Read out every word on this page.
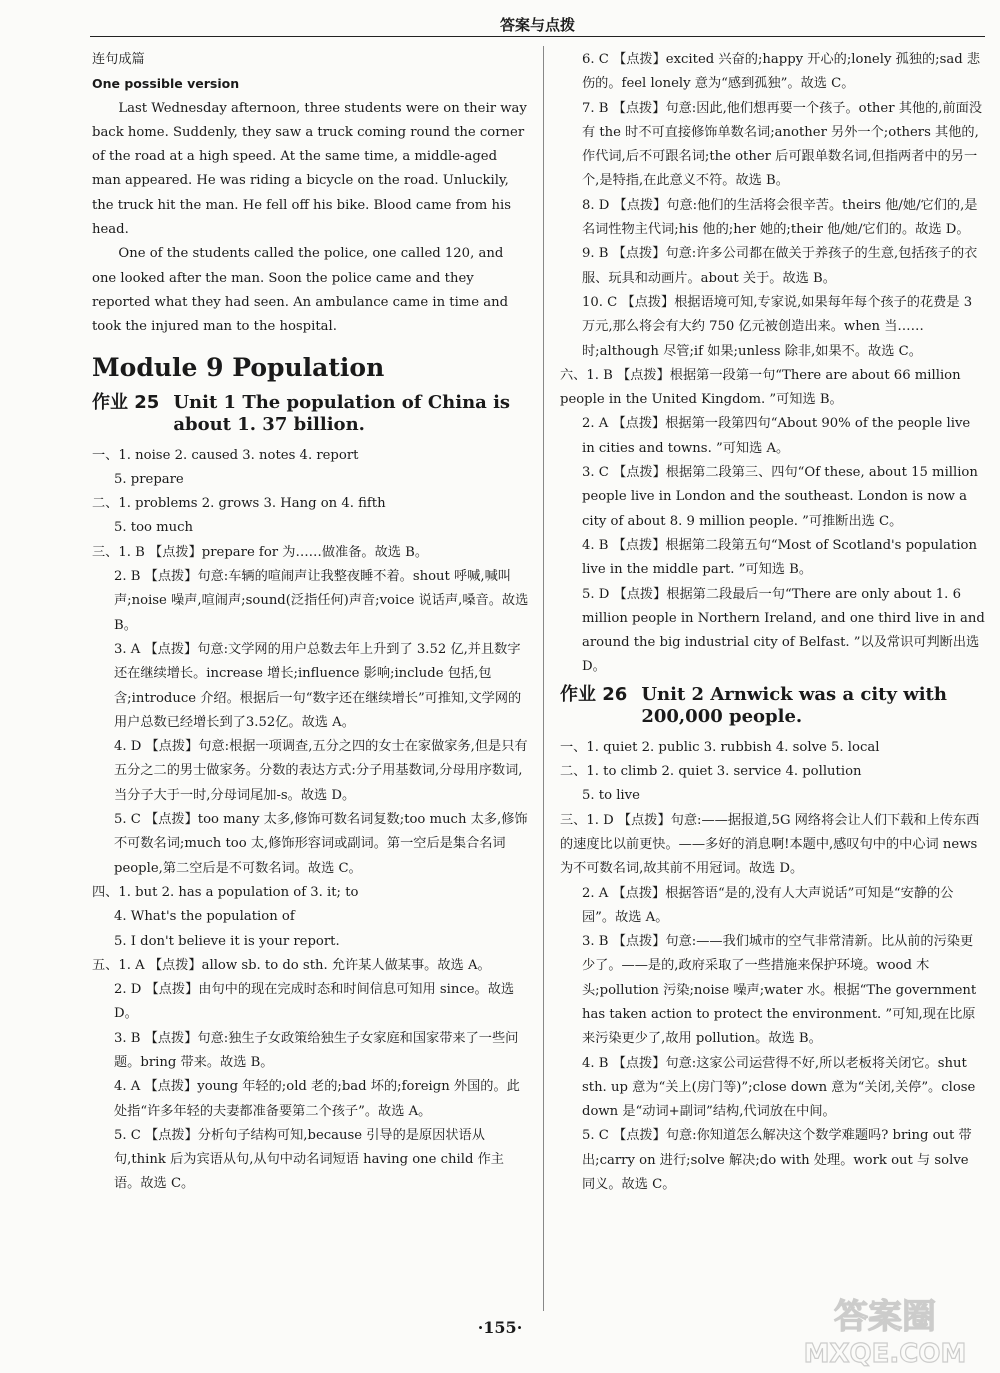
答案与点拨

连句成篇

One possible version

Last Wednesday afternoon, three students were on their way back home. Suddenly, they saw a truck coming round the corner of the road at a high speed. At the same time, a middle-aged man appeared. He was riding a bicycle on the road. Unluckily, the truck hit the man. He fell off his bike. Blood came from his head.

One of the students called the police, one called 120, and one looked after the man. Soon the police came and they reported what they had seen. An ambulance came in time and took the injured man to the hospital.

Module 9 Population
作业 25 Unit 1 The population of China is about 1. 37 billion.

一、1. noise 2. caused 3. notes 4. report

5. prepare

二、1. problems 2. grows 3. Hang on 4. fifth

5. too much

三、1. B 【点拨】prepare for 为……做准备。故选 B。

2. B 【点拨】句意:车辆的喧闹声让我整夜睡不着。shout 呼喊,喊叫声;noise 噪声,喧闹声;sound(泛指任何)声音;voice 说话声,嗓音。故选 B。

3. A 【点拨】句意:文学网的用户总数去年上升到了 3.52 亿,并且数字还在继续增长。increase 增长;influence 影响;include 包括,包含;introduce 介绍。根据后一句“数字还在继续增长”可推知,文学网的用户总数已经增长到了3.52亿。故选 A。

4. D 【点拨】句意:根据一项调查,五分之四的女士在家做家务,但是只有五分之二的男士做家务。分数的表达方式:分子用基数词,分母用序数词,当分子大于一时,分母词尾加-s。故选 D。

5. C 【点拨】too many 太多,修饰可数名词复数;too much 太多,修饰不可数名词;much too 太,修饰形容词或副词。第一空后是集合名词 people,第二空后是不可数名词。故选 C。

四、1. but 2. has a population of 3. it; to

4. What's the population of

5. I don't believe it is your report.

五、1. A 【点拨】allow sb. to do sth. 允许某人做某事。故选 A。

2. D 【点拨】由句中的现在完成时态和时间信息可知用 since。故选 D。

3. B 【点拨】句意:独生子女政策给独生子女家庭和国家带来了一些问题。bring 带来。故选 B。

4. A 【点拨】young 年轻的;old 老的;bad 坏的;foreign 外国的。此处指“许多年轻的夫妻都准备要第二个孩子”。故选 A。

5. C 【点拨】分析句子结构可知,because 引导的是原因状语从句,think 后为宾语从句,从句中动名词短语 having one child 作主语。故选 C。

6. C 【点拨】excited 兴奋的;happy 开心的;lonely 孤独的;sad 悲伤的。feel lonely 意为“感到孤独”。故选 C。

7. B 【点拨】句意:因此,他们想再要一个孩子。other 其他的,前面没有 the 时不可直接修饰单数名词;another 另外一个;others 其他的,作代词,后不可跟名词;the other 后可跟单数名词,但指两者中的另一个,是特指,在此意义不符。故选 B。

8. D 【点拨】句意:他们的生活将会很辛苦。theirs 他/她/它们的,是名词性物主代词;his 他的;her 她的;their 他/她/它们的。故选 D。

9. B 【点拨】句意:许多公司都在做关于养孩子的生意,包括孩子的衣服、玩具和动画片。about 关于。故选 B。

10. C 【点拨】根据语境可知,专家说,如果每年每个孩子的花费是 3 万元,那么将会有大约 750 亿元被创造出来。when 当……时;although 尽管;if 如果;unless 除非,如果不。故选 C。

六、1. B 【点拨】根据第一段第一句“There are about 66 million people in the United Kingdom. ”可知选 B。

2. A 【点拨】根据第一段第四句“About 90% of the people live in cities and towns. ”可知选 A。

3. C 【点拨】根据第二段第三、四句“Of these, about 15 million people live in London and the southeast. London is now a city of about 8. 9 million people. ”可推断出选 C。

4. B 【点拨】根据第二段第五句“Most of Scotland's population live in the middle part. ”可知选 B。

5. D 【点拨】根据第二段最后一句“There are only about 1. 6 million people in Northern Ireland, and one third live in and around the big industrial city of Belfast. ”以及常识可判断出选 D。

作业 26 Unit 2 Arnwick was a city with 200,000 people.

一、1. quiet 2. public 3. rubbish 4. solve 5. local

二、1. to climb 2. quiet 3. service 4. pollution

5. to live

三、1. D 【点拨】句意:——据报道,5G 网络将会让人们下载和上传东西的速度比以前更快。——多好的消息啊!本题中,感叹句中的中心词 news 为不可数名词,故其前不用冠词。故选 D。

2. A 【点拨】根据答语“是的,没有人大声说话”可知是“安静的公园”。故选 A。

3. B 【点拨】句意:——我们城市的空气非常清新。比从前的污染更少了。——是的,政府采取了一些措施来保护环境。wood 木头;pollution 污染;noise 噪声;water 水。根据“The government has taken action to protect the environment. ”可知,现在比原来污染更少了,故用 pollution。故选 B。

4. B 【点拨】句意:这家公司运营得不好,所以老板将关闭它。shut sth. up 意为“关上(房门等)”;close down 意为“关闭,关停”。close down 是“动词+副词”结构,代词放在中间。

5. C 【点拨】句意:你知道怎么解决这个数学难题吗? bring out 带出;carry on 进行;solve 解决;do with 处理。work out 与 solve 同义。故选 C。

·155·	答案圈
MXQE.COM
